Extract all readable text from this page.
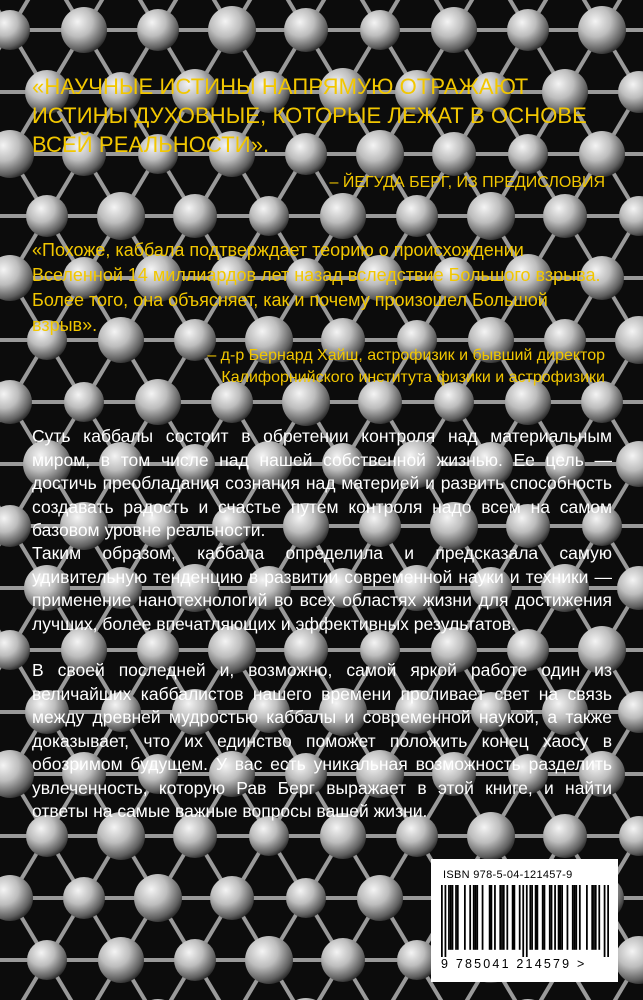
«НАУЧНЫЕ ИСТИНЫ НАПРЯМУЮ ОТРАЖАЮТ ИСТИНЫ ДУХОВНЫЕ, КОТОРЫЕ ЛЕЖАТ В ОСНОВЕ ВСЕЙ РЕАЛЬНОСТИ».

– ЙЕГУДА БЕРГ, ИЗ ПРЕДИСЛОВИЯ

«Похоже, каббала подтверждает теорию о происхождении Вселенной 14 миллиардов лет назад вследствие Большого взрыва. Более того, она объясняет, как и почему произошел Большой взрыв».

– д-р Бернард Хайш, астрофизик и бывший директор Калифорнийского института физики и астрофизики

Суть каббалы состоит в обретении контроля над материальным миром, в том числе над нашей собственной жизнью. Ее цель — достичь преобладания сознания над материей и развить способность создавать радость и счастье путем контроля надо всем на самом базовом уровне реальности.

Таким образом, каббала определила и предсказала самую удивительную тенденцию в развитии современной науки и техники — применение нанотехнологий во всех областях жизни для достижения лучших, более впечатляющих и эффективных результатов.

В своей последней и, возможно, самой яркой работе один из величайших каббалистов нашего времени проливает свет на связь между древней мудростью каббалы и современной наукой, а также доказывает, что их единство поможет положить конец хаосу в обозримом будущем. У вас есть уникальная возможность разделить увлеченность, которую Рав Берг выражает в этой книге, и найти ответы на самые важные вопросы вашей жизни.

ISBN 978-5-04-121457-9
9 785041 214579 >
